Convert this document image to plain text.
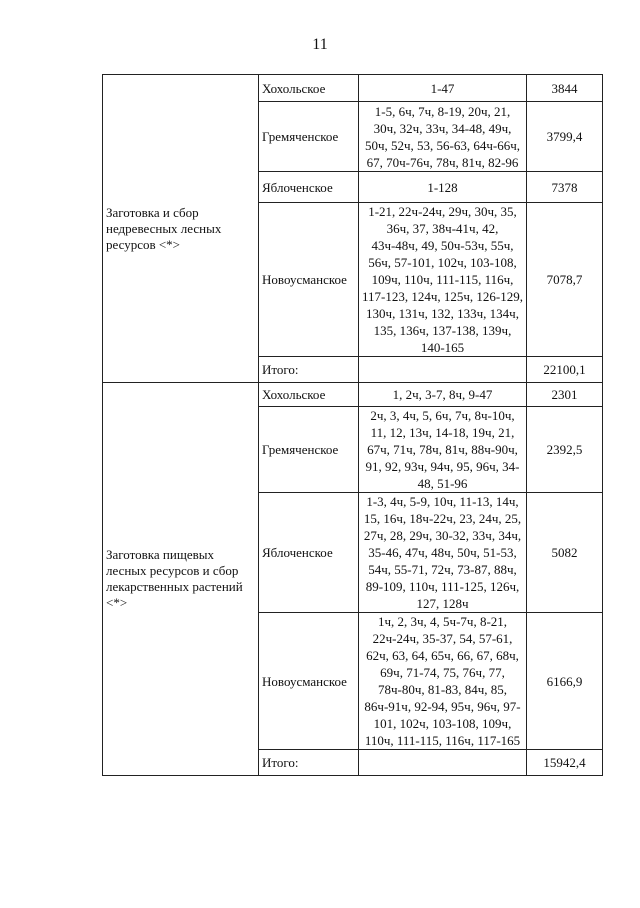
11
Заготовка и сбор недревесных лесных ресурсов <*>	Хохольское	1-47	3844
	Гремяченское	1-5, 6ч, 7ч, 8-19, 20ч, 21, 30ч, 32ч, 33ч, 34-48, 49ч, 50ч, 52ч, 53, 56-63, 64ч-66ч, 67, 70ч-76ч, 78ч, 81ч, 82-96	3799,4
	Яблоченское	1-128	7378
	Новоусманское	1-21, 22ч-24ч, 29ч, 30ч, 35, 36ч, 37, 38ч-41ч, 42, 43ч-48ч, 49, 50ч-53ч, 55ч, 56ч, 57-101, 102ч, 103-108, 109ч, 110ч, 111-115, 116ч, 117-123, 124ч, 125ч, 126-129, 130ч, 131ч, 132, 133ч, 134ч, 135, 136ч, 137-138, 139ч, 140-165	7078,7
	Итого:		22100,1
Заготовка пищевых лесных ресурсов и сбор лекарственных растений <*>	Хохольское	1, 2ч, 3-7, 8ч, 9-47	2301
	Гремяченское	2ч, 3, 4ч, 5, 6ч, 7ч, 8ч-10ч, 11, 12, 13ч, 14-18, 19ч, 21, 67ч, 71ч, 78ч, 81ч, 88ч-90ч, 91, 92, 93ч, 94ч, 95, 96ч, 34-48, 51-96	2392,5
	Яблоченское	1-3, 4ч, 5-9, 10ч, 11-13, 14ч, 15, 16ч, 18ч-22ч, 23, 24ч, 25, 27ч, 28, 29ч, 30-32, 33ч, 34ч, 35-46, 47ч, 48ч, 50ч, 51-53, 54ч, 55-71, 72ч, 73-87, 88ч, 89-109, 110ч, 111-125, 126ч, 127, 128ч	5082
	Новоусманское	1ч, 2, 3ч, 4, 5ч-7ч, 8-21, 22ч-24ч, 35-37, 54, 57-61, 62ч, 63, 64, 65ч, 66, 67, 68ч, 69ч, 71-74, 75, 76ч, 77, 78ч-80ч, 81-83, 84ч, 85, 86ч-91ч, 92-94, 95ч, 96ч, 97-101, 102ч, 103-108, 109ч, 110ч, 111-115, 116ч, 117-165	6166,9
	Итого:		15942,4
